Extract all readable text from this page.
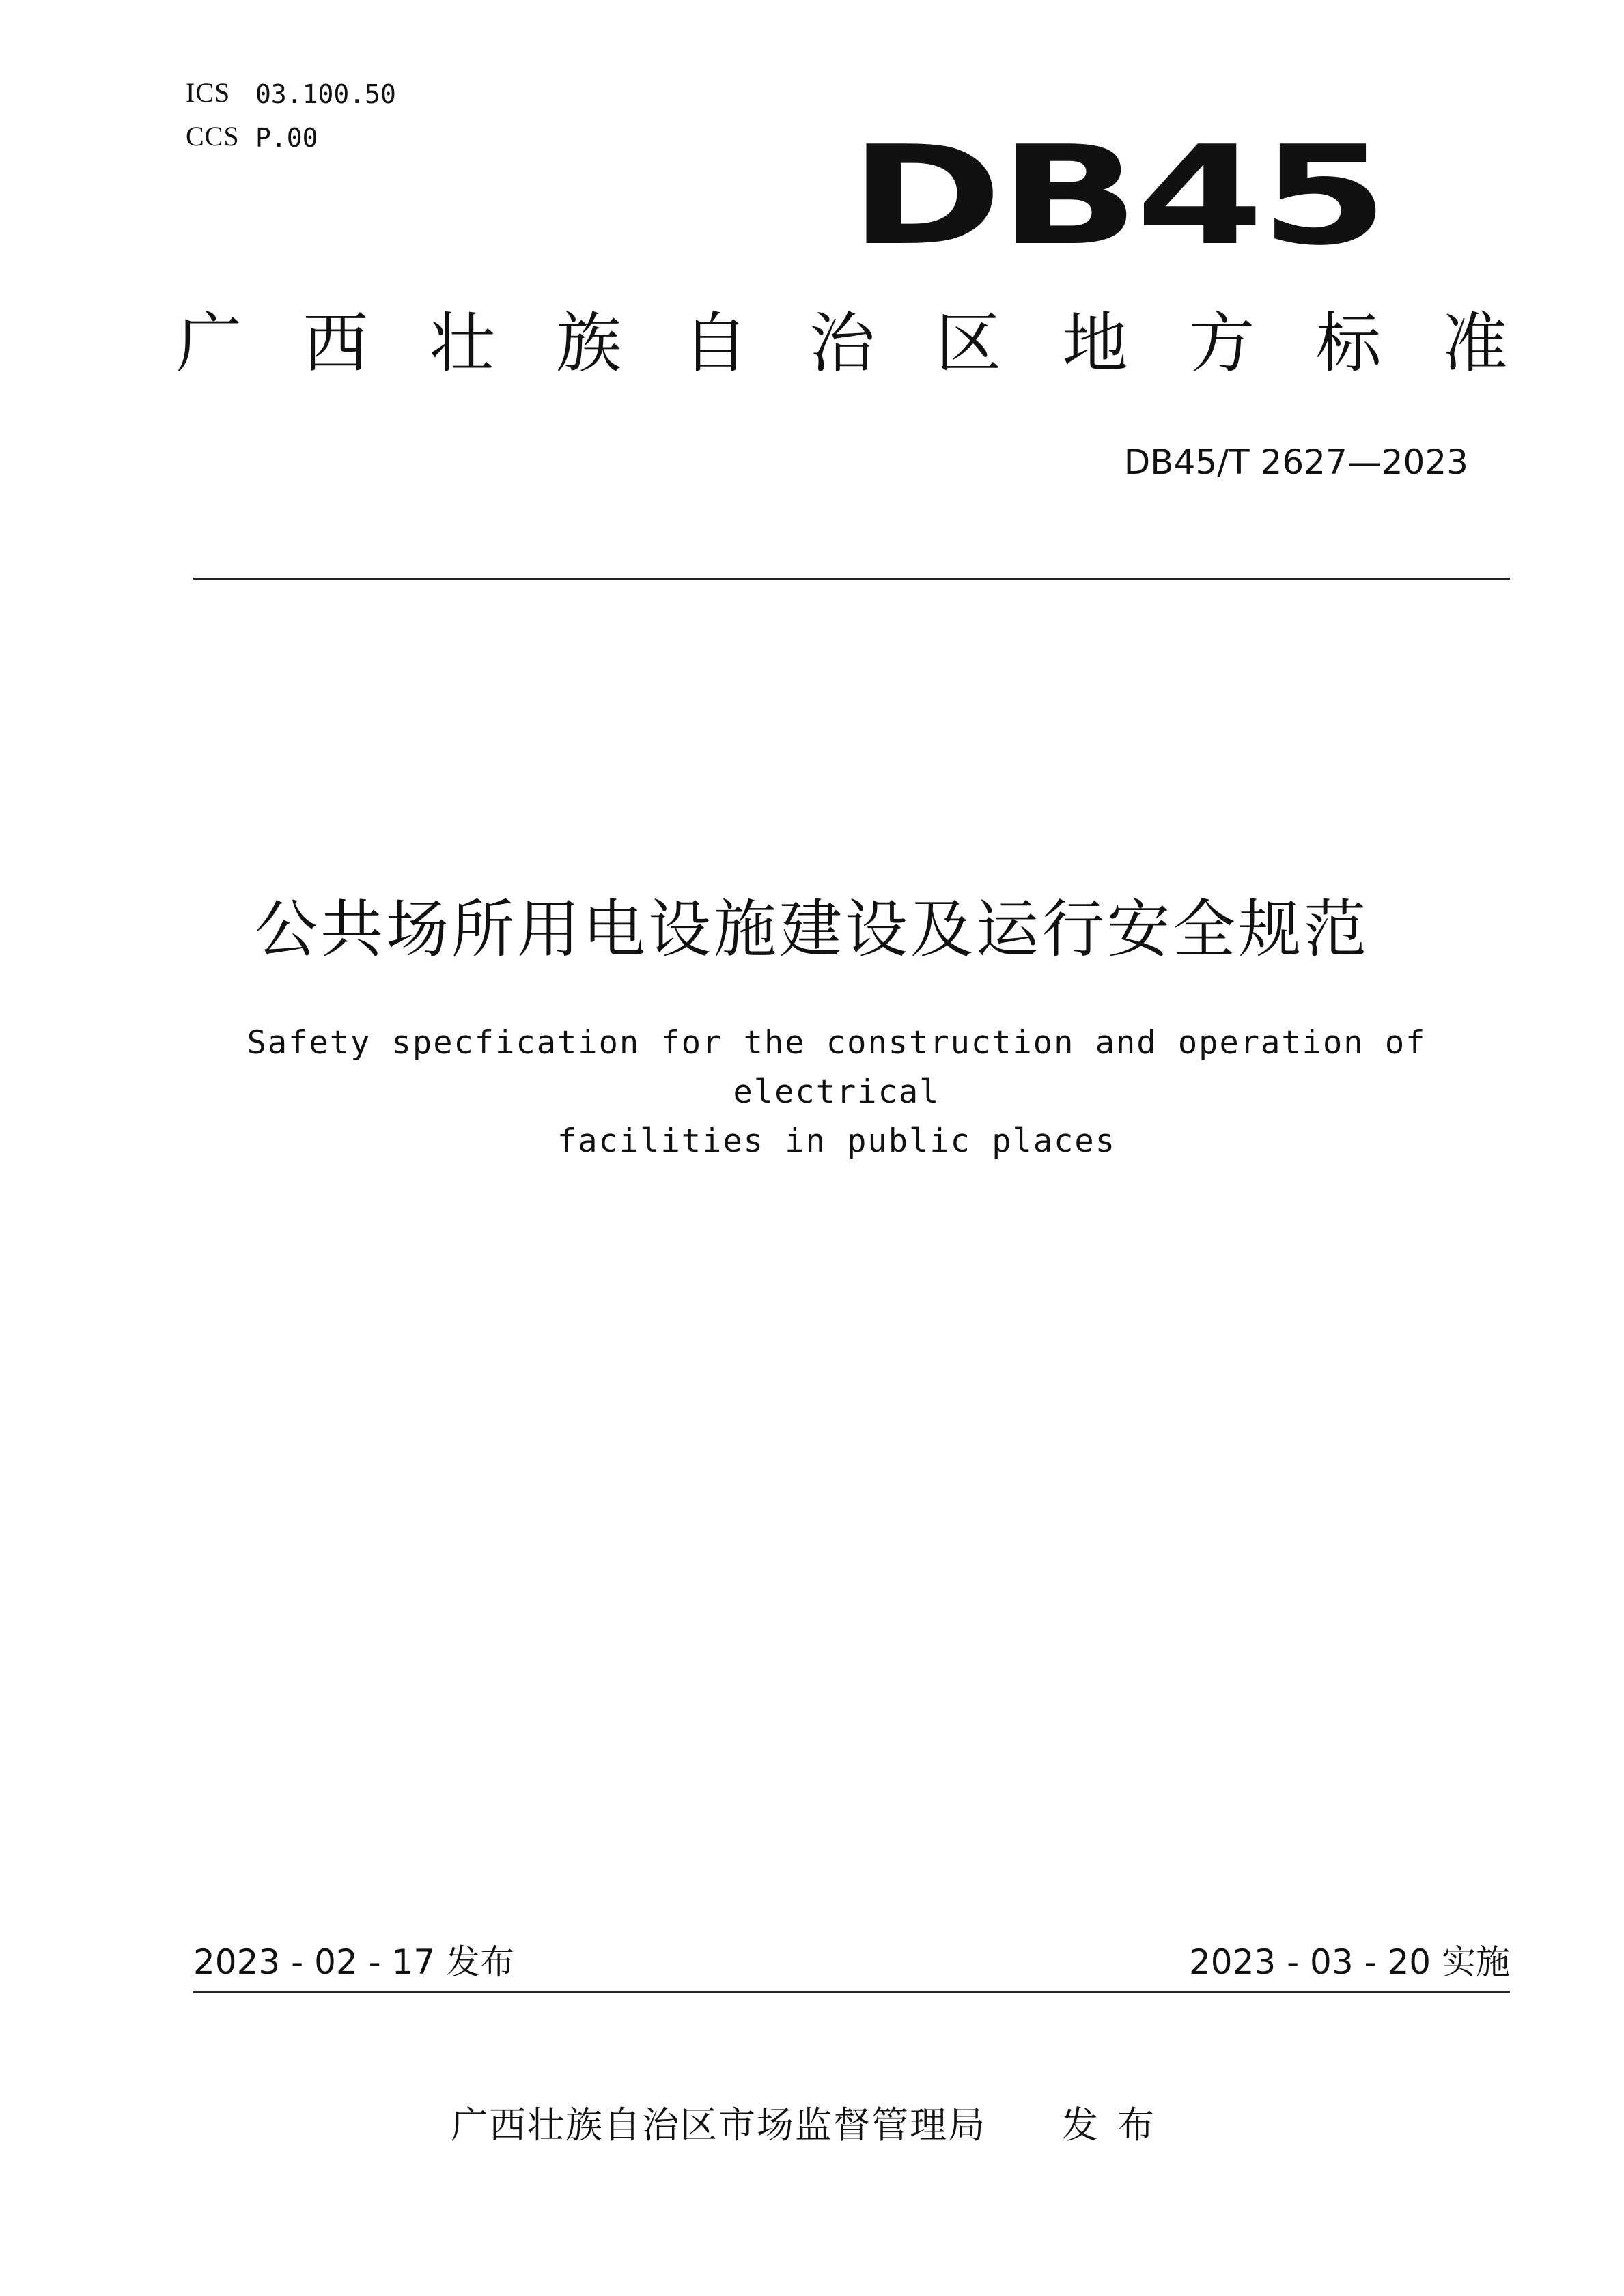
ICS 03.100.50
CCS P.00	DB45
广 西 壮 族 自 治 区 地 方 标 准
DB45/T 2627—2023
公共场所用电设施建设及运行安全规范
Safety specfication for the construction and operation of electrical
facilities in public places
2023 - 02 - 17 发布	2023 - 03 - 20 实施
广西壮族自治区市场监督管理局 发布
